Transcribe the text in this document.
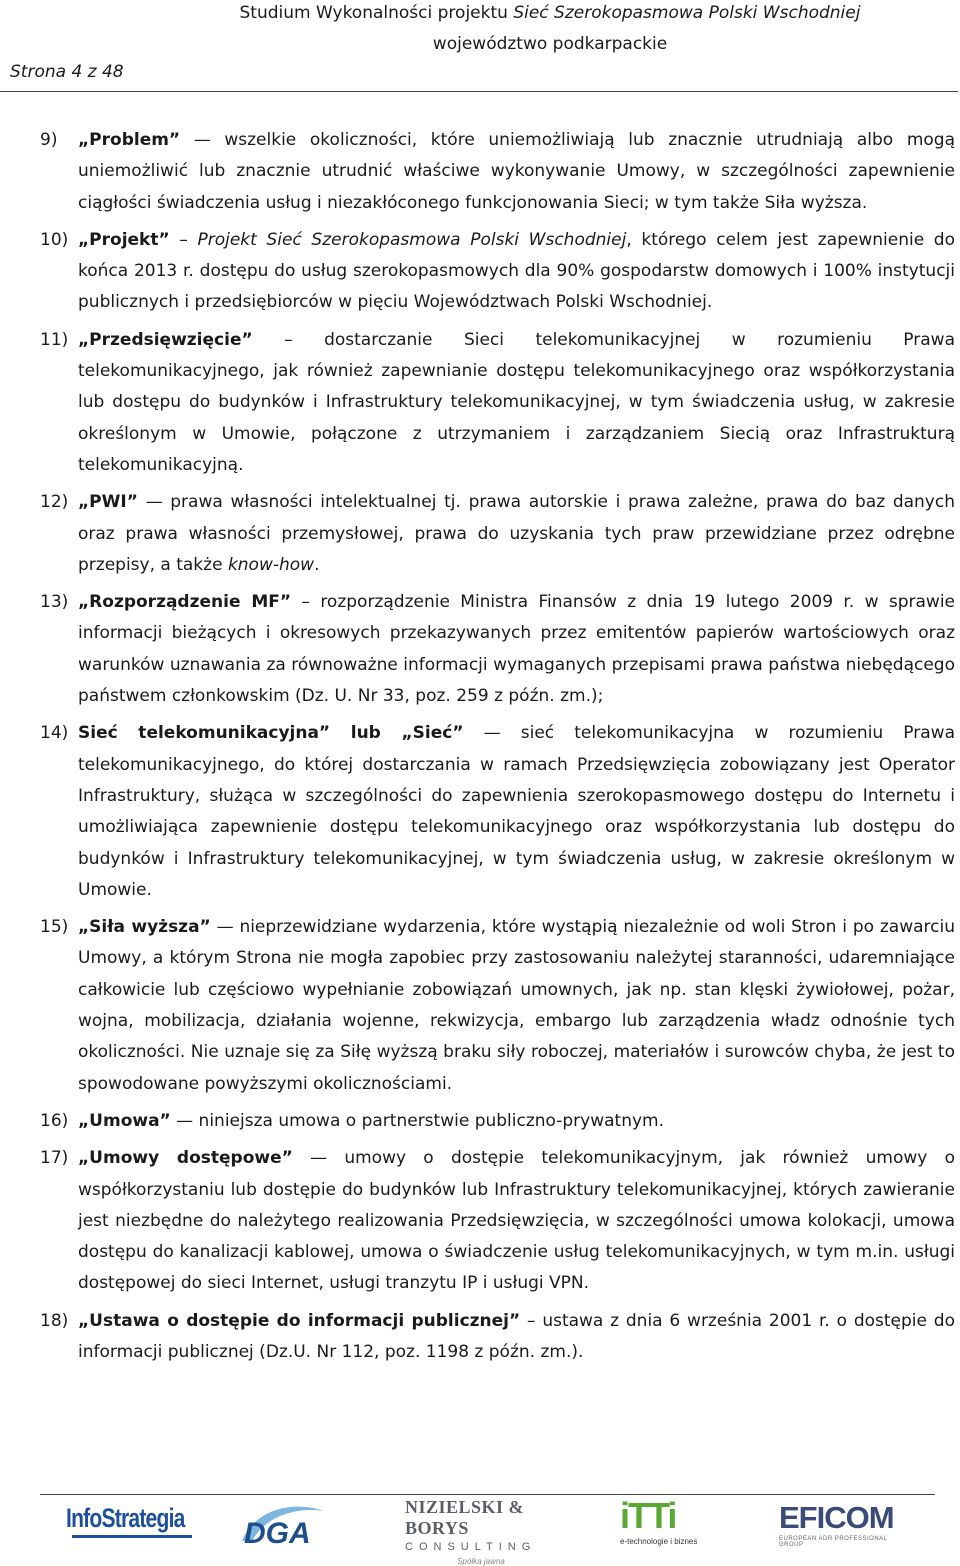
Studium Wykonalności projektu Sieć Szerokopasmowa Polski Wschodniej
województwo podkarpackie
Strona 4 z 48
9) „Problem” — wszelkie okoliczności, które uniemożliwiają lub znacznie utrudniają albo mogą uniemożliwić lub znacznie utrudnić właściwe wykonywanie Umowy, w szczególności zapewnienie ciągłości świadczenia usług i niezakłóconego funkcjonowania Sieci; w tym także Siła wyższa.
10) „Projekt” – Projekt Sieć Szerokopasmowa Polski Wschodniej, którego celem jest zapewnienie do końca 2013 r. dostępu do usług szerokopasmowych dla 90% gospodarstw domowych i 100% instytucji publicznych i przedsiębiorców w pięciu Województwach Polski Wschodniej.
11) „Przedsięwzięcie” – dostarczanie Sieci telekomunikacyjnej w rozumieniu Prawa telekomunikacyjnego, jak również zapewnianie dostępu telekomunikacyjnego oraz współkorzystania lub dostępu do budynków i Infrastruktury telekomunikacyjnej, w tym świadczenia usług, w zakresie określonym w Umowie, połączone z utrzymaniem i zarządzaniem Siecią oraz Infrastrukturą telekomunikacyjną.
12) „PWI” — prawa własności intelektualnej tj. prawa autorskie i prawa zależne, prawa do baz danych oraz prawa własności przemysłowej, prawa do uzyskania tych praw przewidziane przez odrębne przepisy, a także know-how.
13) „Rozporządzenie MF” – rozporządzenie Ministra Finansów z dnia 19 lutego 2009 r. w sprawie informacji bieżących i okresowych przekazywanych przez emitentów papierów wartościowych oraz warunków uznawania za równoważne informacji wymaganych przepisami prawa państwa niebędącego państwem członkowskim (Dz. U. Nr 33, poz. 259 z późn. zm.);
14) Sieć telekomunikacyjna” lub „Sieć” — sieć telekomunikacyjna w rozumieniu Prawa telekomunikacyjnego, do której dostarczania w ramach Przedsięwzięcia zobowiązany jest Operator Infrastruktury, służąca w szczególności do zapewnienia szerokopasmowego dostępu do Internetu i umożliwiająca zapewnienie dostępu telekomunikacyjnego oraz współkorzystania lub dostępu do budynków i Infrastruktury telekomunikacyjnej, w tym świadczenia usług, w zakresie określonym w Umowie.
15) „Siła wyższa” — nieprzewidziane wydarzenia, które wystąpią niezależnie od woli Stron i po zawarciu Umowy, a którym Strona nie mogła zapobiec przy zastosowaniu należytej staranności, udaremniające całkowicie lub częściowo wypełnianie zobowiązań umownych, jak np. stan klęski żywiołowej, pożar, wojna, mobilizacja, działania wojenne, rekwizycja, embargo lub zarządzenia władz odnośnie tych okoliczności. Nie uznaje się za Siłę wyższą braku siły roboczej, materiałów i surowców chyba, że jest to spowodowane powyższymi okolicznościami.
16) „Umowa” — niniejsza umowa o partnerstwie publiczno-prywatnym.
17) „Umowy dostępowe” — umowy o dostępie telekomunikacyjnym, jak również umowy o współkorzystaniu lub dostępie do budynków lub Infrastruktury telekomunikacyjnej, których zawieranie jest niezbędne do należytego realizowania Przedsięwzięcia, w szczególności umowa kolokacji, umowa dostępu do kanalizacji kablowej, umowa o świadczenie usług telekomunikacyjnych, w tym m.in. usługi dostępowej do sieci Internet, usługi tranzytu IP i usługi VPN.
18) „Ustawa o dostępie do informacji publicznej” – ustawa z dnia 6 września 2001 r. o dostępie do informacji publicznej (Dz.U. Nr 112, poz. 1198 z późn. zm.).
InfoStrategia DGA
NIZIELSKI & BORYS
CONSULTING
Spółka jawna
iTTi
e-technologie i biznes
EFICOM
EUROPEAN ADR PROFESSIONAL GROUP
